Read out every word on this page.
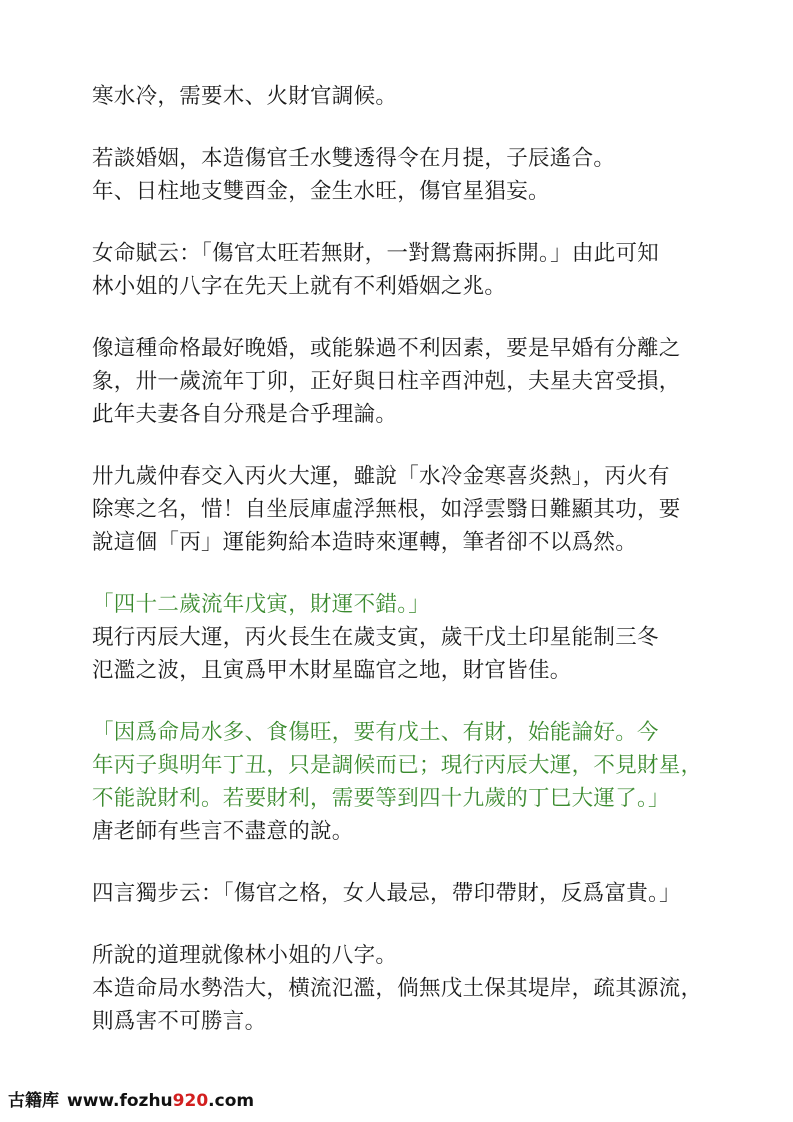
寒水冷，需要木、火財官調候。
若談婚姻，本造傷官壬水雙透得令在月提，子辰遙合。
年、日柱地支雙酉金，金生水旺，傷官星猖妄。
女命賦云：「傷官太旺若無財，一對鴛鴦兩拆開。」由此可知
林小姐的八字在先天上就有不利婚姻之兆。
像這種命格最好晚婚，或能躲過不利因素，要是早婚有分離之
象，卅一歲流年丁卯，正好與日柱辛酉沖剋，夫星夫宮受損，
此年夫妻各自分飛是合乎理論。
卅九歲仲春交入丙火大運，雖說「水冷金寒喜炎熱」，丙火有
除寒之名，惜！自坐辰庫虛浮無根，如浮雲翳日難顯其功，要
說這個「丙」運能夠給本造時來運轉，筆者卻不以爲然。
「四十二歲流年戊寅，財運不錯。」
現行丙辰大運，丙火長生在歲支寅，歲干戊土印星能制三冬
氾濫之波，且寅爲甲木財星臨官之地，財官皆佳。
「因爲命局水多、食傷旺，要有戊土、有財，始能論好。今
年丙子與明年丁丑，只是調候而已；現行丙辰大運，不見財星，
不能說財利。若要財利，需要等到四十九歲的丁巳大運了。」
唐老師有些言不盡意的說。
四言獨步云：「傷官之格，女人最忌，帶印帶財，反爲富貴。」
所說的道理就像林小姐的八字。
本造命局水勢浩大，横流氾濫，倘無戊土保其堤岸，疏其源流，
則爲害不可勝言。
古籍库 www.fozhu920.com
